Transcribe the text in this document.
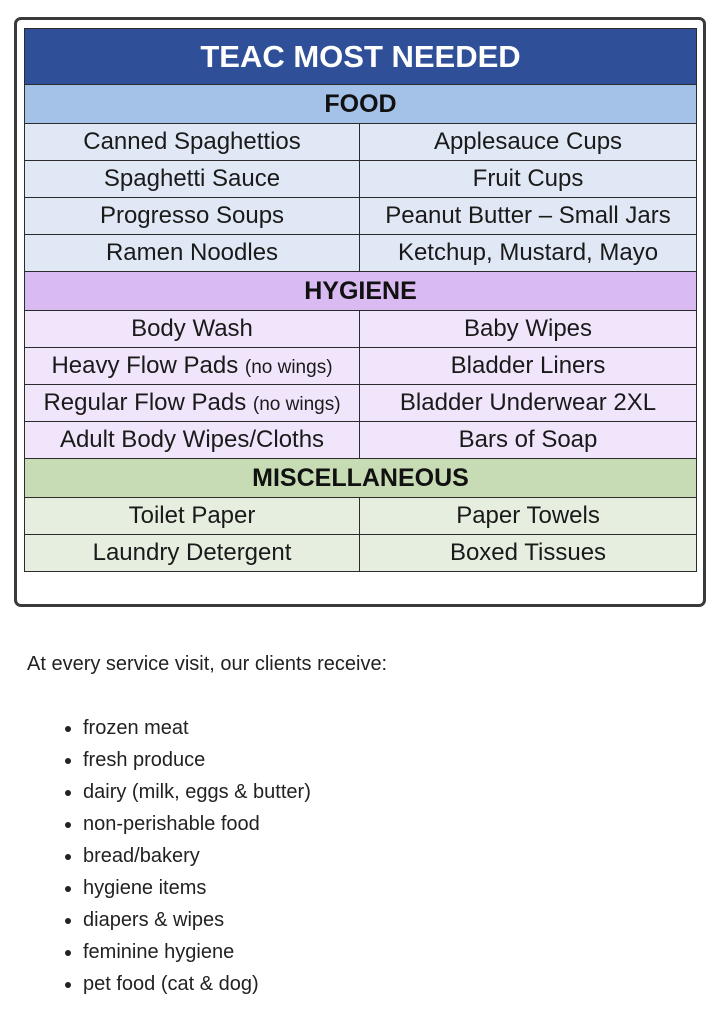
TEAC MOST NEEDED	
FOOD	
Canned Spaghettios	Applesauce Cups
Spaghetti Sauce	Fruit Cups
Progresso Soups	Peanut Butter – Small Jars
Ramen Noodles	Ketchup, Mustard, Mayo
HYGIENE	
Body Wash	Baby Wipes
Heavy Flow Pads (no wings)	Bladder Liners
Regular Flow Pads (no wings)	Bladder Underwear 2XL
Adult Body Wipes/Cloths	Bars of Soap
MISCELLANEOUS	
Toilet Paper	Paper Towels
Laundry Detergent	Boxed Tissues

At every service visit, our clients receive:

• frozen meat
• fresh produce
• dairy (milk, eggs & butter)
• non-perishable food
• bread/bakery
• hygiene items
• diapers & wipes
• feminine hygiene
• pet food (cat & dog)
